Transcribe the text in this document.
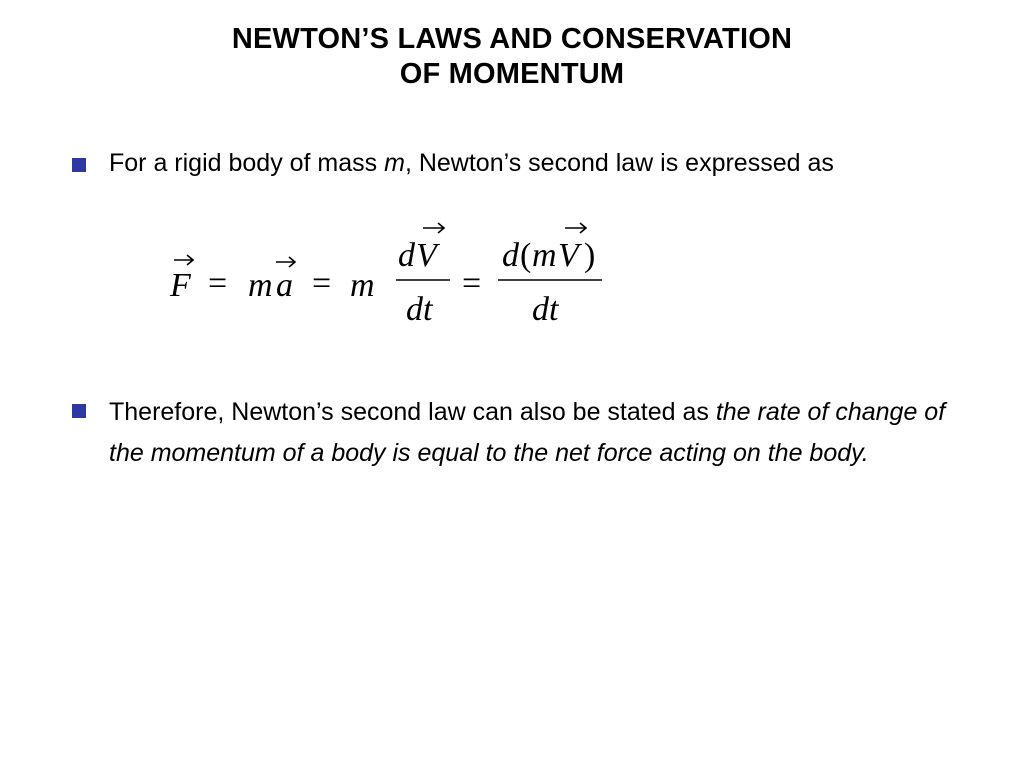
NEWTON’S LAWS AND CONSERVATION
OF MOMENTUM
For a rigid body of mass m, Newton’s second law is expressed as
F = m a = m
d V
dt
=
d ( m V )
dt
Therefore, Newton’s second law can also be stated as the rate of change of the momentum of a body is equal to the net force acting on the body.
